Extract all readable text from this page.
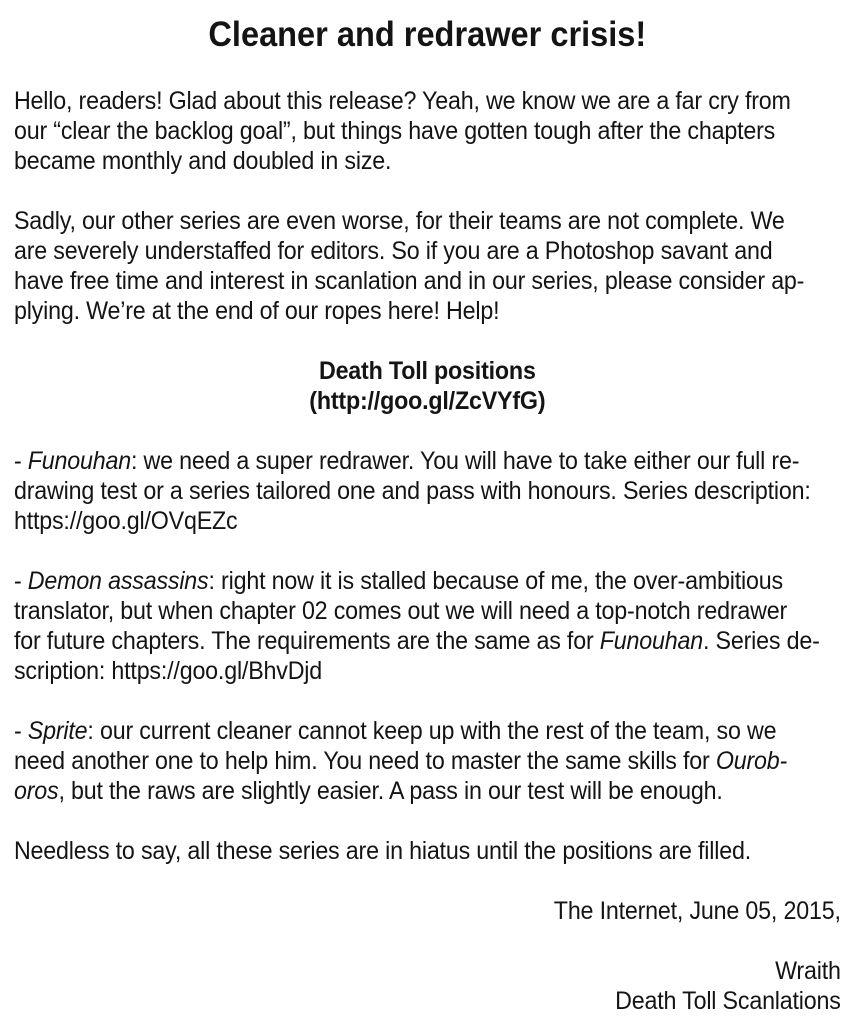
Cleaner and redrawer crisis!
Hello, readers! Glad about this release? Yeah, we know we are a far cry from
our “clear the backlog goal”, but things have gotten tough after the chapters
became monthly and doubled in size.
Sadly, our other series are even worse, for their teams are not complete. We
are severely understaffed for editors. So if you are a Photoshop savant and
have free time and interest in scanlation and in our series, please consider ap-
plying. We’re at the end of our ropes here! Help!
Death Toll positions
(http://goo.gl/ZcVYfG)
- Funouhan: we need a super redrawer. You will have to take either our full re-
drawing test or a series tailored one and pass with honours. Series description:
https://goo.gl/OVqEZc
- Demon assassins: right now it is stalled because of me, the over-ambitious
translator, but when chapter 02 comes out we will need a top-notch redrawer
for future chapters. The requirements are the same as for Funouhan. Series de-
scription: https://goo.gl/BhvDjd
- Sprite: our current cleaner cannot keep up with the rest of the team, so we
need another one to help him. You need to master the same skills for Ourob-
oros, but the raws are slightly easier. A pass in our test will be enough.
Needless to say, all these series are in hiatus until the positions are filled.
The Internet, June 05, 2015,
Wraith
Death Toll Scanlations
